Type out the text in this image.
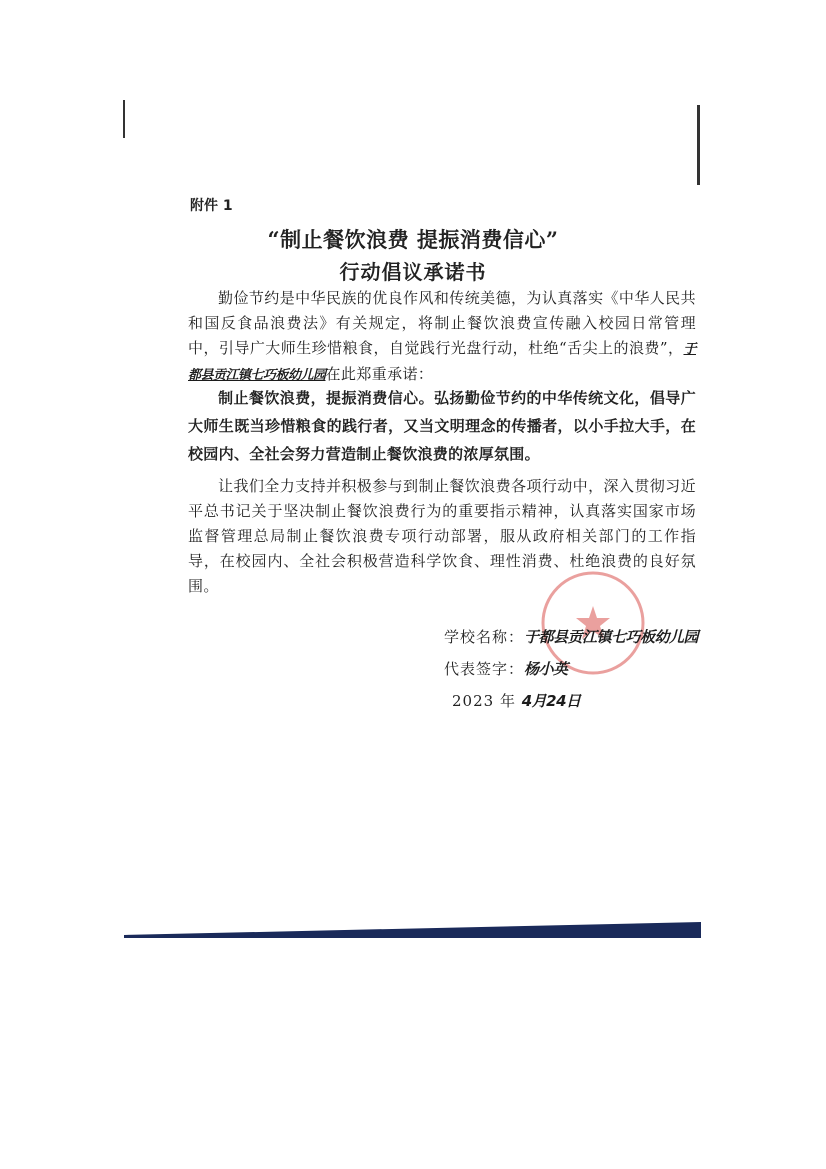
附件 1
“制止餐饮浪费 提振消费信心”
行动倡议承诺书
勤俭节约是中华民族的优良作风和传统美德，为认真落实《中华人民共和国反食品浪费法》有关规定，将制止餐饮浪费宣传融入校园日常管理中，引导广大师生珍惜粮食，自觉践行光盘行动，杜绝“舌尖上的浪费”，于都县贡江镇七巧板幼儿园在此郑重承诺：
制止餐饮浪费，提振消费信心。弘扬勤俭节约的中华传统文化，倡导广大师生既当珍惜粮食的践行者，又当文明理念的传播者，以小手拉大手，在校园内、全社会努力营造制止餐饮浪费的浓厚氛围。
让我们全力支持并积极参与到制止餐饮浪费各项行动中，深入贯彻习近平总书记关于坚决制止餐饮浪费行为的重要指示精神，认真落实国家市场监督管理总局制止餐饮浪费专项行动部署，服从政府相关部门的工作指导，在校园内、全社会积极营造科学饮食、理性消费、杜绝浪费的良好氛围。
学校名称：于都县贡江镇七巧板幼儿园
代表签字：杨小英
2023 年 4月24日
